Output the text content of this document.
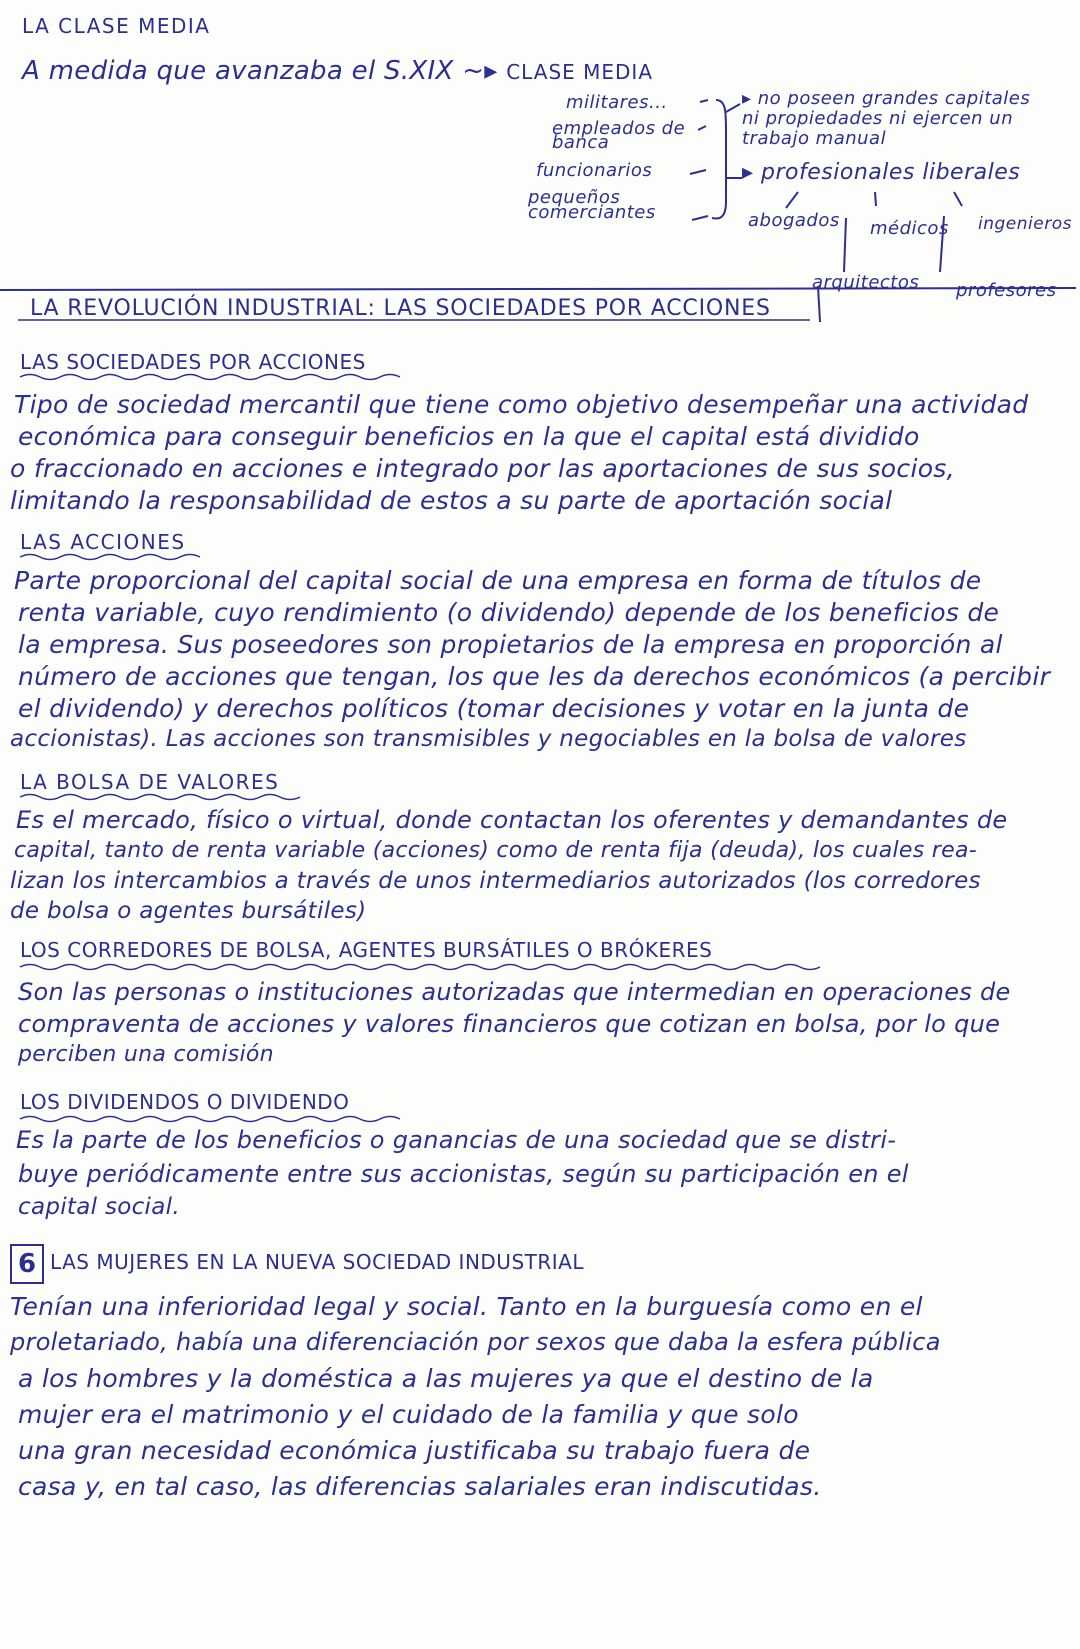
LA CLASE MEDIA
A medida que avanzaba el S.XIX ~▸ CLASE MEDIA
militares...
empleados de banca
funcionarios
pequeños comerciantes
▸ no poseen grandes capitales
ni propiedades ni ejercen un
trabajo manual
▸ profesionales liberales
abogados médicos ingenieros
arquitectos profesores
LA REVOLUCIÓN INDUSTRIAL: LAS SOCIEDADES POR ACCIONES
LAS SOCIEDADES POR ACCIONES
Tipo de sociedad mercantil que tiene como objetivo desempeñar una actividad
económica para conseguir beneficios en la que el capital está dividido
o fraccionado en acciones e integrado por las aportaciones de sus socios,
limitando la responsabilidad de estos a su parte de aportación social
LAS ACCIONES
Parte proporcional del capital social de una empresa en forma de títulos de
renta variable, cuyo rendimiento (o dividendo) depende de los beneficios de
la empresa. Sus poseedores son propietarios de la empresa en proporción al
número de acciones que tengan, los que les da derechos económicos (a percibir
el dividendo) y derechos políticos (tomar decisiones y votar en la junta de
accionistas). Las acciones son transmisibles y negociables en la bolsa de valores
LA BOLSA DE VALORES
Es el mercado, físico o virtual, donde contactan los oferentes y demandantes de
capital, tanto de renta variable (acciones) como de renta fija (deuda), los cuales rea-
lizan los intercambios a través de unos intermediarios autorizados (los corredores
de bolsa o agentes bursátiles)
LOS CORREDORES DE BOLSA, AGENTES BURSÁTILES O BRÓKERES
Son las personas o instituciones autorizadas que intermedian en operaciones de
compraventa de acciones y valores financieros que cotizan en bolsa, por lo que
perciben una comisión
LOS DIVIDENDOS O DIVIDENDO
Es la parte de los beneficios o ganancias de una sociedad que se distri-
buye periódicamente entre sus accionistas, según su participación en el
capital social.
6 LAS MUJERES EN LA NUEVA SOCIEDAD INDUSTRIAL
Tenían una inferioridad legal y social. Tanto en la burguesía como en el
proletariado, había una diferenciación por sexos que daba la esfera pública
a los hombres y la doméstica a las mujeres ya que el destino de la
mujer era el matrimonio y el cuidado de la familia y que solo
una gran necesidad económica justificaba su trabajo fuera de
casa y, en tal caso, las diferencias salariales eran indiscutidas.
